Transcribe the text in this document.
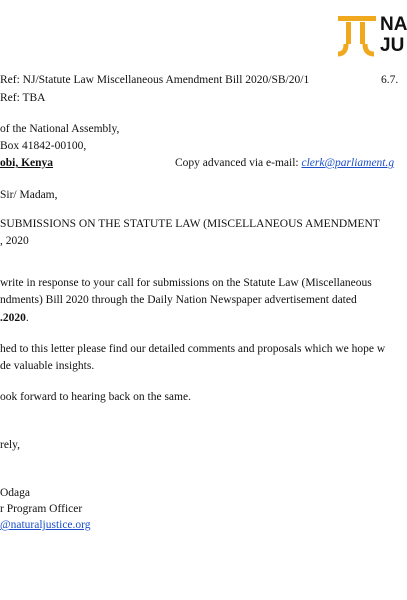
NA
JU
Ref: NJ/Statute Law Miscellaneous Amendment Bill 2020/SB/20/1	6.7.
Ref: TBA
of the National Assembly,
Box 41842-00100,
obi, Kenya	Copy advanced via e-mail: clerk@parliament.g
Sir/ Madam,
SUBMISSIONS ON THE STATUTE LAW (MISCELLANEOUS AMENDMENT
, 2020
write in response to your call for submissions on the Statute Law (Miscellaneous
ndments) Bill 2020 through the Daily Nation Newspaper advertisement dated
.2020.
hed to this letter please find our detailed comments and proposals which we hope w
de valuable insights.
ook forward to hearing back on the same.
rely,
Odaga
r Program Officer
@naturaljustice.org
